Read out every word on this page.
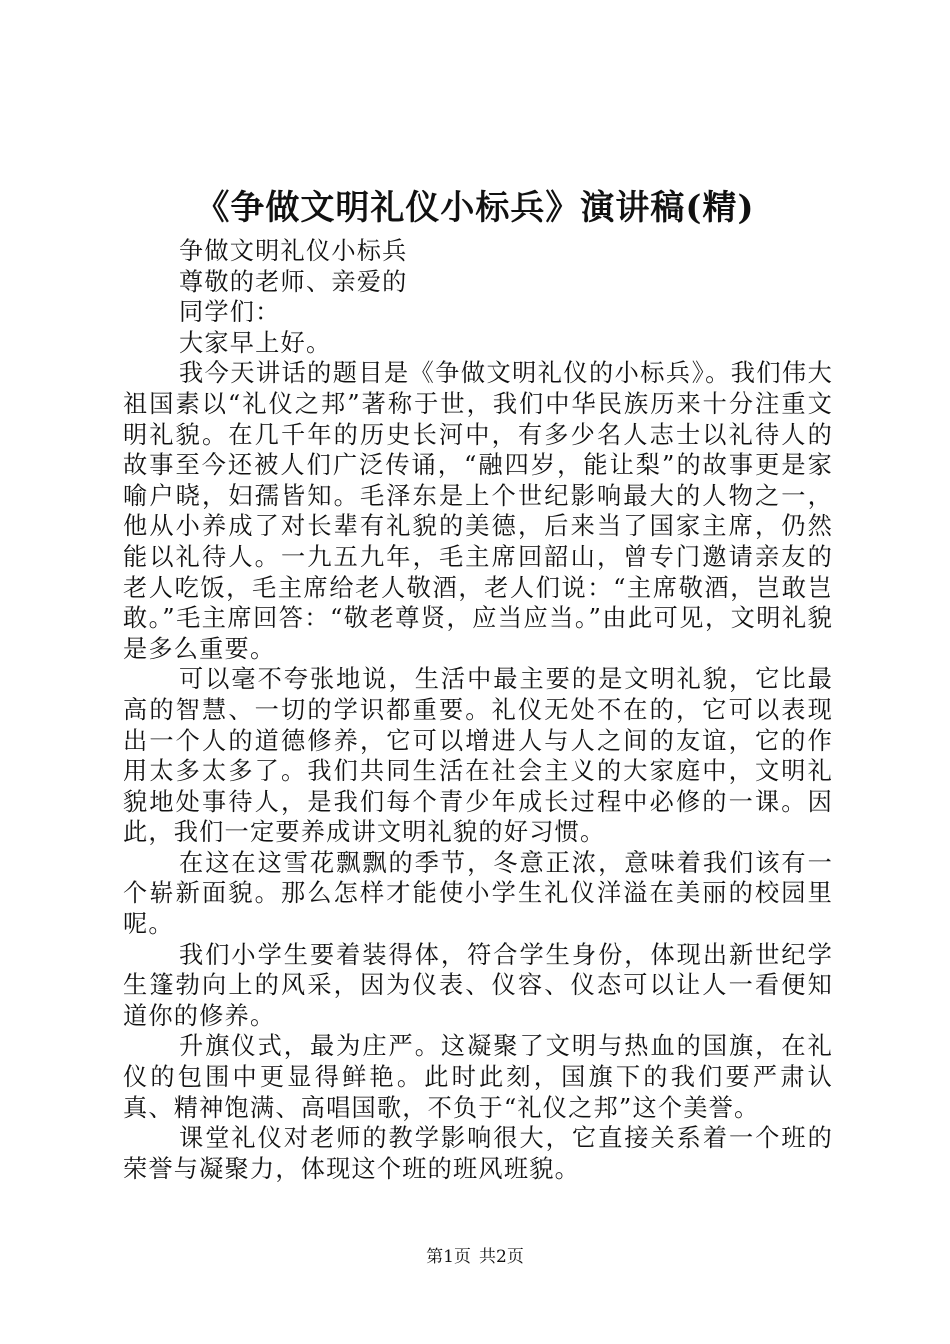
《争做文明礼仪小标兵》演讲稿(精)

争做文明礼仪小标兵

尊敬的老师、亲爱的

同学们：

大家早上好。

我今天讲话的题目是《争做文明礼仪的小标兵》。我们伟大祖国素以“礼仪之邦”著称于世，我们中华民族历来十分注重文明礼貌。在几千年的历史长河中，有多少名人志士以礼待人的故事至今还被人们广泛传诵，“融四岁，能让梨”的故事更是家喻户晓，妇孺皆知。毛泽东是上个世纪影响最大的人物之一，他从小养成了对长辈有礼貌的美德，后来当了国家主席，仍然能以礼待人。一九五九年，毛主席回韶山，曾专门邀请亲友的老人吃饭，毛主席给老人敬酒，老人们说：“主席敬酒，岂敢岂敢。”毛主席回答：“敬老尊贤，应当应当。”由此可见，文明礼貌是多么重要。

可以毫不夸张地说，生活中最主要的是文明礼貌，它比最高的智慧、一切的学识都重要。礼仪无处不在的，它可以表现出一个人的道德修养，它可以增进人与人之间的友谊，它的作用太多太多了。我们共同生活在社会主义的大家庭中，文明礼貌地处事待人，是我们每个青少年成长过程中必修的一课。因此，我们一定要养成讲文明礼貌的好习惯。

在这在这雪花飘飘的季节，冬意正浓，意味着我们该有一个崭新面貌。那么怎样才能使小学生礼仪洋溢在美丽的校园里呢。

我们小学生要着装得体，符合学生身份，体现出新世纪学生篷勃向上的风采，因为仪表、仪容、仪态可以让人一看便知道你的修养。

升旗仪式，最为庄严。这凝聚了文明与热血的国旗，在礼仪的包围中更显得鲜艳。此时此刻，国旗下的我们要严肃认真、精神饱满、高唱国歌，不负于“礼仪之邦”这个美誉。

课堂礼仪对老师的教学影响很大，它直接关系着一个班的荣誉与凝聚力，体现这个班的班风班貌。

第1页 共2页
